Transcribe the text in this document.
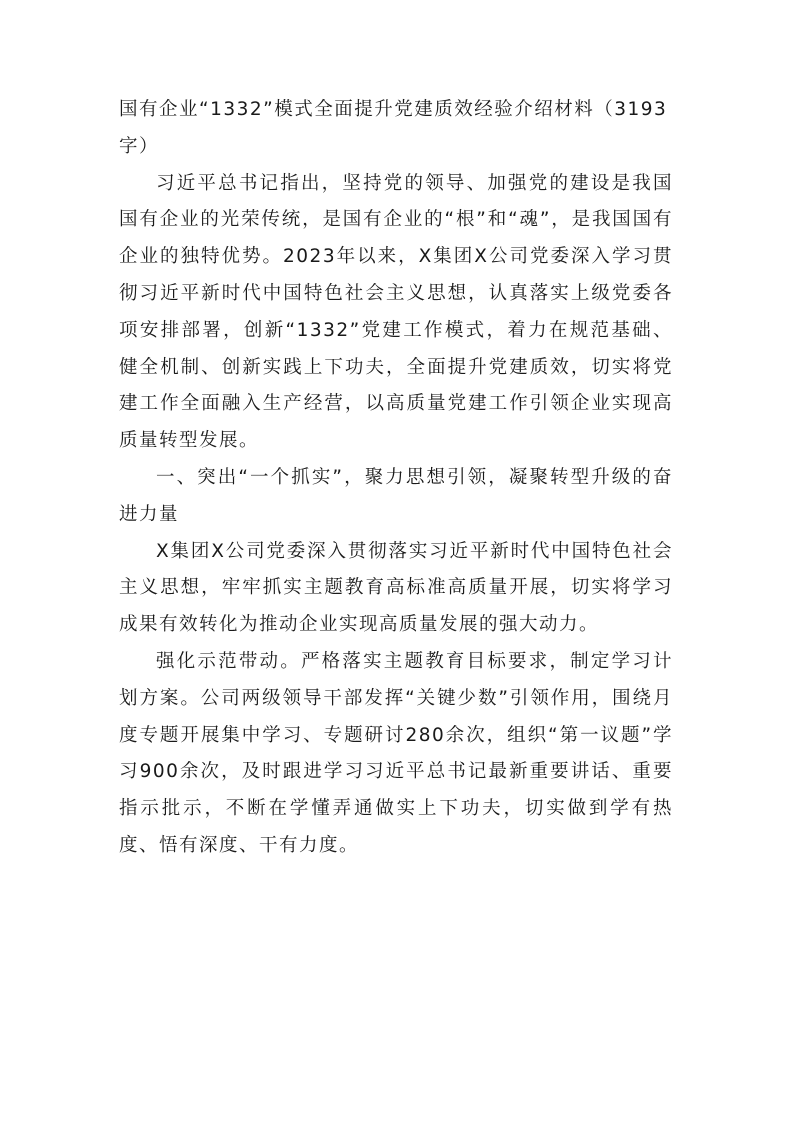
国有企业“1332”模式全面提升党建质效经验介绍材料（3193字）

习近平总书记指出，坚持党的领导、加强党的建设是我国国有企业的光荣传统，是国有企业的“根”和“魂”，是我国国有企业的独特优势。2023年以来，X集团X公司党委深入学习贯彻习近平新时代中国特色社会主义思想，认真落实上级党委各项安排部署，创新“1332”党建工作模式，着力在规范基础、健全机制、创新实践上下功夫，全面提升党建质效，切实将党建工作全面融入生产经营，以高质量党建工作引领企业实现高质量转型发展。

一、突出“一个抓实”，聚力思想引领，凝聚转型升级的奋进力量

X集团X公司党委深入贯彻落实习近平新时代中国特色社会主义思想，牢牢抓实主题教育高标准高质量开展，切实将学习成果有效转化为推动企业实现高质量发展的强大动力。

强化示范带动。严格落实主题教育目标要求，制定学习计划方案。公司两级领导干部发挥“关键少数”引领作用，围绕月度专题开展集中学习、专题研讨280余次，组织“第一议题”学习900余次，及时跟进学习习近平总书记最新重要讲话、重要指示批示，不断在学懂弄通做实上下功夫，切实做到学有热度、悟有深度、干有力度。
